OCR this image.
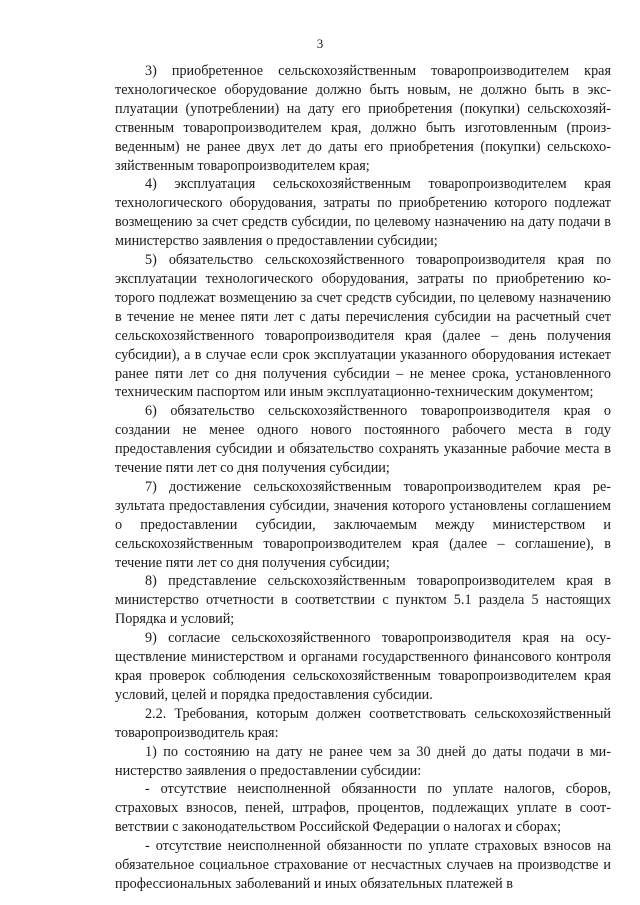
3

3) приобретенное сельскохозяйственным товаропроизводителем края технологическое оборудование должно быть новым, не должно быть в эксплуатации (употреблении) на дату его приобретения (покупки) сельскохозяйственным товаропроизводителем края, должно быть изготовленным (произведенным) не ранее двух лет до даты его приобретения (покупки) сельскохозяйственным товаропроизводителем края;

4) эксплуатация сельскохозяйственным товаропроизводителем края технологического оборудования, затраты по приобретению которого подлежат возмещению за счет средств субсидии, по целевому назначению на дату подачи в министерство заявления о предоставлении субсидии;

5) обязательство сельскохозяйственного товаропроизводителя края по эксплуатации технологического оборудования, затраты по приобретению которого подлежат возмещению за счет средств субсидии, по целевому назначению в течение не менее пяти лет с даты перечисления субсидии на расчетный счет сельскохозяйственного товаропроизводителя края (далее – день получения субсидии), а в случае если срок эксплуатации указанного оборудования истекает ранее пяти лет со дня получения субсидии – не менее срока, установленного техническим паспортом или иным эксплуатационно-техническим документом;

6) обязательство сельскохозяйственного товаропроизводителя края о создании не менее одного нового постоянного рабочего места в году предоставления субсидии и обязательство сохранять указанные рабочие места в течение пяти лет со дня получения субсидии;

7) достижение сельскохозяйственным товаропроизводителем края результата предоставления субсидии, значения которого установлены соглашением о предоставлении субсидии, заключаемым между министерством и сельскохозяйственным товаропроизводителем края (далее – соглашение), в течение пяти лет со дня получения субсидии;

8) представление сельскохозяйственным товаропроизводителем края в министерство отчетности в соответствии с пунктом 5.1 раздела 5 настоящих Порядка и условий;

9) согласие сельскохозяйственного товаропроизводителя края на осуществление министерством и органами государственного финансового контроля края проверок соблюдения сельскохозяйственным товаропроизводителем края условий, целей и порядка предоставления субсидии.

2.2. Требования, которым должен соответствовать сельскохозяйственный товаропроизводитель края:

1) по состоянию на дату не ранее чем за 30 дней до даты подачи в министерство заявления о предоставлении субсидии:

- отсутствие неисполненной обязанности по уплате налогов, сборов, страховых взносов, пеней, штрафов, процентов, подлежащих уплате в соответствии с законодательством Российской Федерации о налогах и сборах;

- отсутствие неисполненной обязанности по уплате страховых взносов на обязательное социальное страхование от несчастных случаев на производстве и профессиональных заболеваний и иных обязательных платежей в
